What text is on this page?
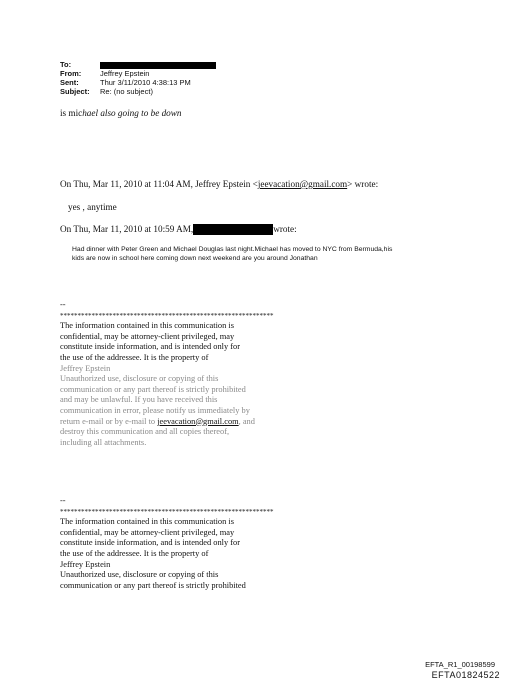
To:
From:	Jeffrey Epstein
Sent:	Thur 3/11/2010 4:38:13 PM
Subject: Re: (no subject)
is michael also going to be down
On Thu, Mar 11, 2010 at 11:04 AM, Jeffrey Epstein <jeevacation@gmail.com> wrote:
yes , anytime
On Thu, Mar 11, 2010 at 10:59 AM,	wrote:
Had dinner with Peter Green and Michael Douglas last night.Michael has moved to NYC from Bermuda,his
kids are now in school here coming down next weekend are you around Jonathan
--
*************************************************************
The information contained in this communication is
confidential, may be attorney-client privileged, may
constitute inside information, and is intended only for
the use of the addressee. It is the property of
Jeffrey Epstein
Unauthorized use, disclosure or copying of this
communication or any part thereof is strictly prohibited
and may be unlawful. If you have received this
communication in error, please notify us immediately by
return e-mail or by e-mail to jeevacation@gmail.com, and
destroy this communication and all copies thereof,
including all attachments.
--
*************************************************************
The information contained in this communication is
confidential, may be attorney-client privileged, may
constitute inside information, and is intended only for
the use of the addressee. It is the property of
Jeffrey Epstein
Unauthorized use, disclosure or copying of this
communication or any part thereof is strictly prohibited
EFTA_R1_00198599
EFTA01824522
